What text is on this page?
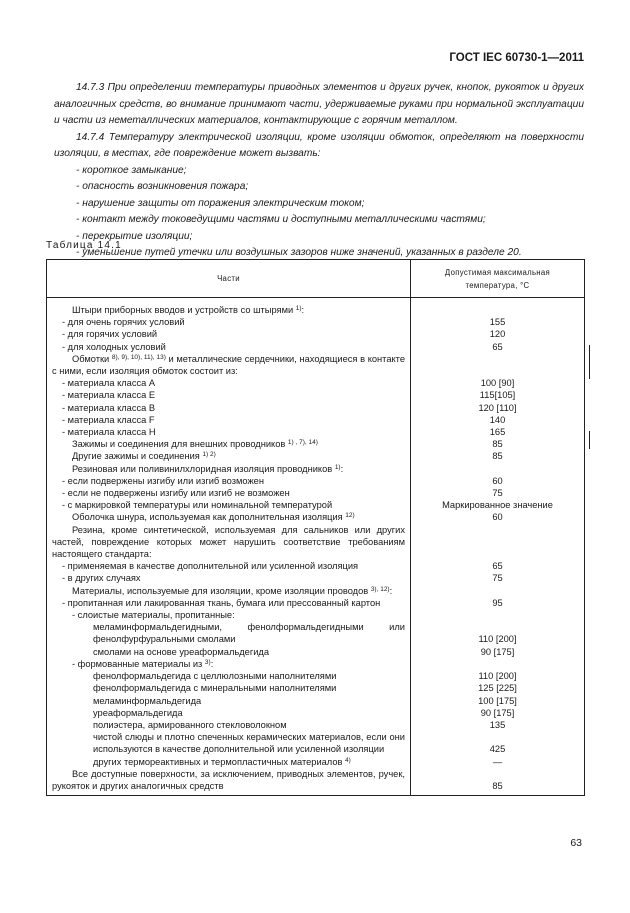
ГОСТ IEC 60730-1—2011

14.7.3 При определении температуры приводных элементов и других ручек, кнопок, рукояток и других аналогичных средств, во внимание принимают части, удерживаемые руками при нормальной эксплуатации и части из неметаллических материалов, контактирующие с горячим металлом.

14.7.4 Температуру электрической изоляции, кроме изоляции обмоток, определяют на поверхности изоляции, в местах, где повреждение может вызвать:

- короткое замыкание;

- опасность возникновения пожара;

- нарушение защиты от поражения электрическим током;

- контакт между токоведущими частями и доступными металлическими частями;

- перекрытие изоляции;

- уменьшение путей утечки или воздушных зазоров ниже значений, указанных в разделе 20.

Таблица 14.1
Части	Допустимая максимальная
температура, °С
Штыри приборных вводов и устройств со штырями $^{1)}$:	
- для очень горячих условий	155
- для горячих условий	120
- для холодных условий	65
Обмотки $^{8), 9), 10), 11), 13)}$ и металлические сердечники, находящиеся в контакте с ними, если изоляция обмоток состоит из:	
- материала класса А	100 [90]
- материала класса Е	115[105]
- материала класса В	120 [110]
- материала класса F	140
- материала класса Н	165
Зажимы и соединения для внешних проводников $^{1) , 7), 14)}$	85
Другие зажимы и соединения $^{1) 2)}$	85
Резиновая или поливинилхлоридная изоляция проводников $^{1)}$:	
- если подвержены изгибу или изгиб возможен	60
- если не подвержены изгибу или изгиб не возможен	75
- с маркировкой температуры или номинальной температурой	Маркированное значение
Оболочка шнура, используемая как дополнительная изоляция $^{12)}$	60
Резина, кроме синтетической, используемая для сальников или других частей, повреждение которых может нарушить соответствие требованиям настоящего стандарта:	
- применяемая в качестве дополнительной или усиленной изоляция	65
- в других случаях	75
Материалы, используемые для изоляции, кроме изоляции проводов $^{3), 12)}$:	
- пропитанная или лакированная ткань, бумага или прессованный картон	95
- слоистые материалы, пропитанные:	
меламинформальдегидными, фенолформальдегидными или фенолфурфуральными смолами	110 [200]
смолами на основе уреаформальдегида	90 [175]
- формованные материалы из $^{3)}$:	
фенолформальдегида с целлюлозными наполнителями	110 [200]
фенолформальдегида с минеральными наполнителями	125 [225]
меламинформальдегида	100 [175]
уреаформальдегида	90 [175]
полиэстера, армированного стекловолокном	135
чистой слюды и плотно спеченных керамических материалов, если они используются в качестве дополнительной или усиленной изоляции	425
других термореактивных и термопластичных материалов $^{4)}$	—
Все доступные поверхности, за исключением, приводных элементов, ручек, рукояток и других аналогичных средств	85
63
